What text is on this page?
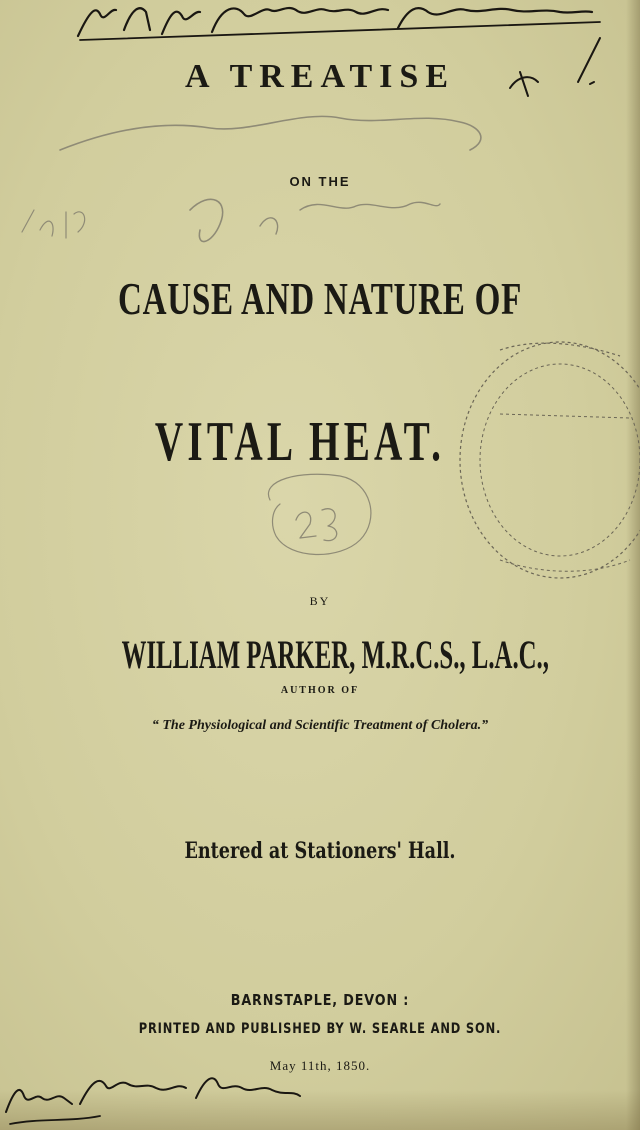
A TREATISE
ON THE
CAUSE AND NATURE OF
VITAL HEAT.
BY
WILLIAM PARKER, M.R.C.S., L.A.C.,
AUTHOR OF
“ The Physiological and Scientific Treatment of Cholera.”
Entered at Stationers' Hall.
BARNSTAPLE, DEVON :
PRINTED AND PUBLISHED BY W. SEARLE AND SON.
May 11th, 1850.
